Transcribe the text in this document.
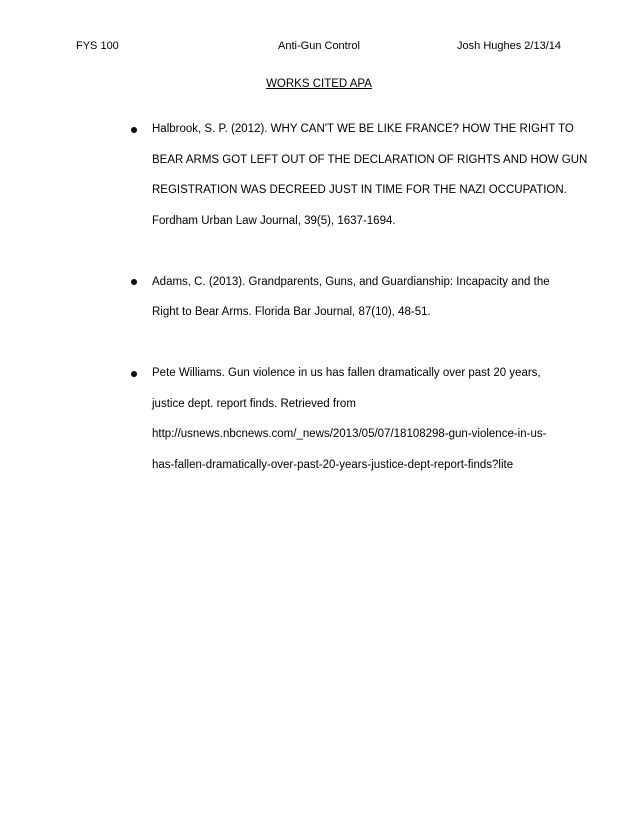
FYS 100	Anti-Gun Control	Josh Hughes 2/13/14
WORKS CITED APA
Halbrook, S. P. (2012). WHY CAN'T WE BE LIKE FRANCE? HOW THE RIGHT TO
BEAR ARMS GOT LEFT OUT OF THE DECLARATION OF RIGHTS AND HOW GUN
REGISTRATION WAS DECREED JUST IN TIME FOR THE NAZI OCCUPATION.
Fordham Urban Law Journal, 39(5), 1637-1694.
Adams, C. (2013). Grandparents, Guns, and Guardianship: Incapacity and the
Right to Bear Arms. Florida Bar Journal, 87(10), 48-51.
Pete Williams. Gun violence in us has fallen dramatically over past 20 years,
justice dept. report finds. Retrieved from
http://usnews.nbcnews.com/_news/2013/05/07/18108298-gun-violence-in-us-
has-fallen-dramatically-over-past-20-years-justice-dept-report-finds?lite
